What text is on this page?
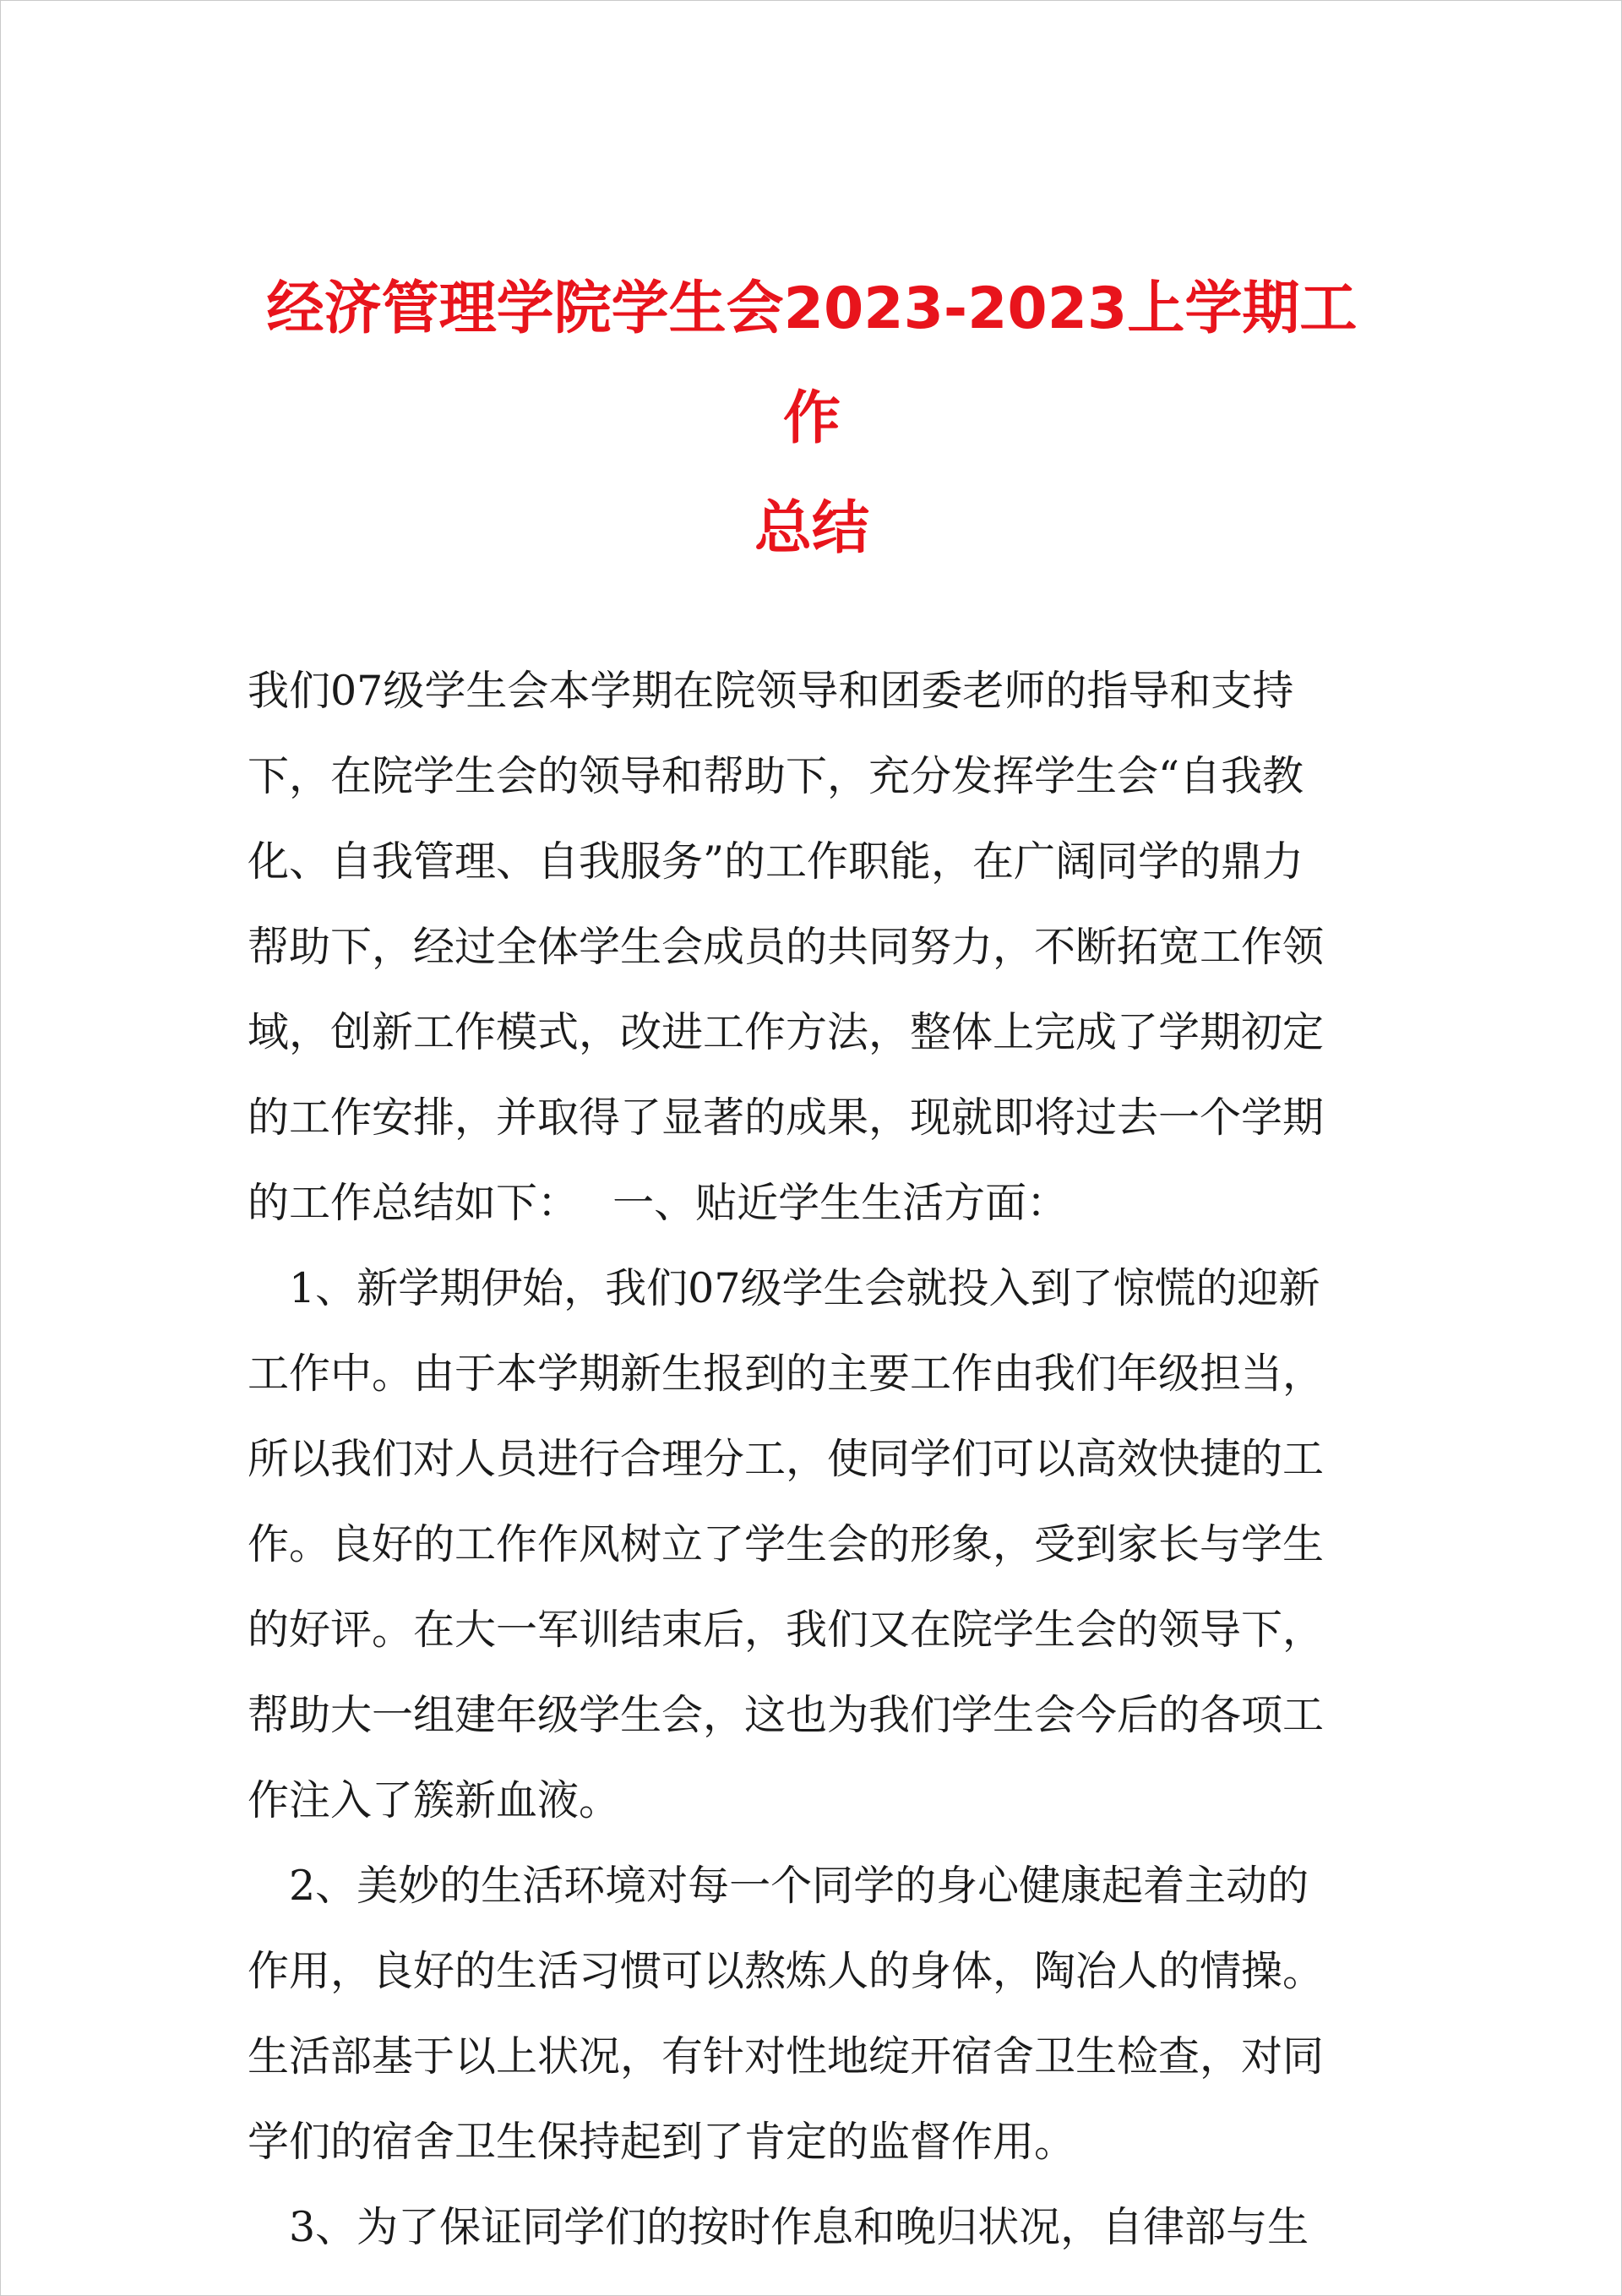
经济管理学院学生会2023-2023上学期工作
总结
我们07级学生会本学期在院领导和团委老师的指导和支持
下，在院学生会的领导和帮助下，充分发挥学生会“自我教
化、自我管理、自我服务”的工作职能，在广阔同学的鼎力
帮助下，经过全体学生会成员的共同努力，不断拓宽工作领
域，创新工作模式，改进工作方法，整体上完成了学期初定
的工作安排，并取得了显著的成果，现就即将过去一个学期
的工作总结如下：　 一、贴近学生生活方面：
　1、新学期伊始，我们07级学生会就投入到了惊慌的迎新
工作中。由于本学期新生报到的主要工作由我们年级担当，
所以我们对人员进行合理分工，使同学们可以高效快捷的工
作。良好的工作作风树立了学生会的形象，受到家长与学生
的好评。在大一军训结束后，我们又在院学生会的领导下，
帮助大一组建年级学生会，这也为我们学生会今后的各项工
作注入了簇新血液。
　2、美妙的生活环境对每一个同学的身心健康起着主动的
作用，良好的生活习惯可以熬炼人的身体，陶冶人的情操。
生活部基于以上状况，有针对性地绽开宿舍卫生检查，对同
学们的宿舍卫生保持起到了肯定的监督作用。
　3、为了保证同学们的按时作息和晚归状况，自律部与生
